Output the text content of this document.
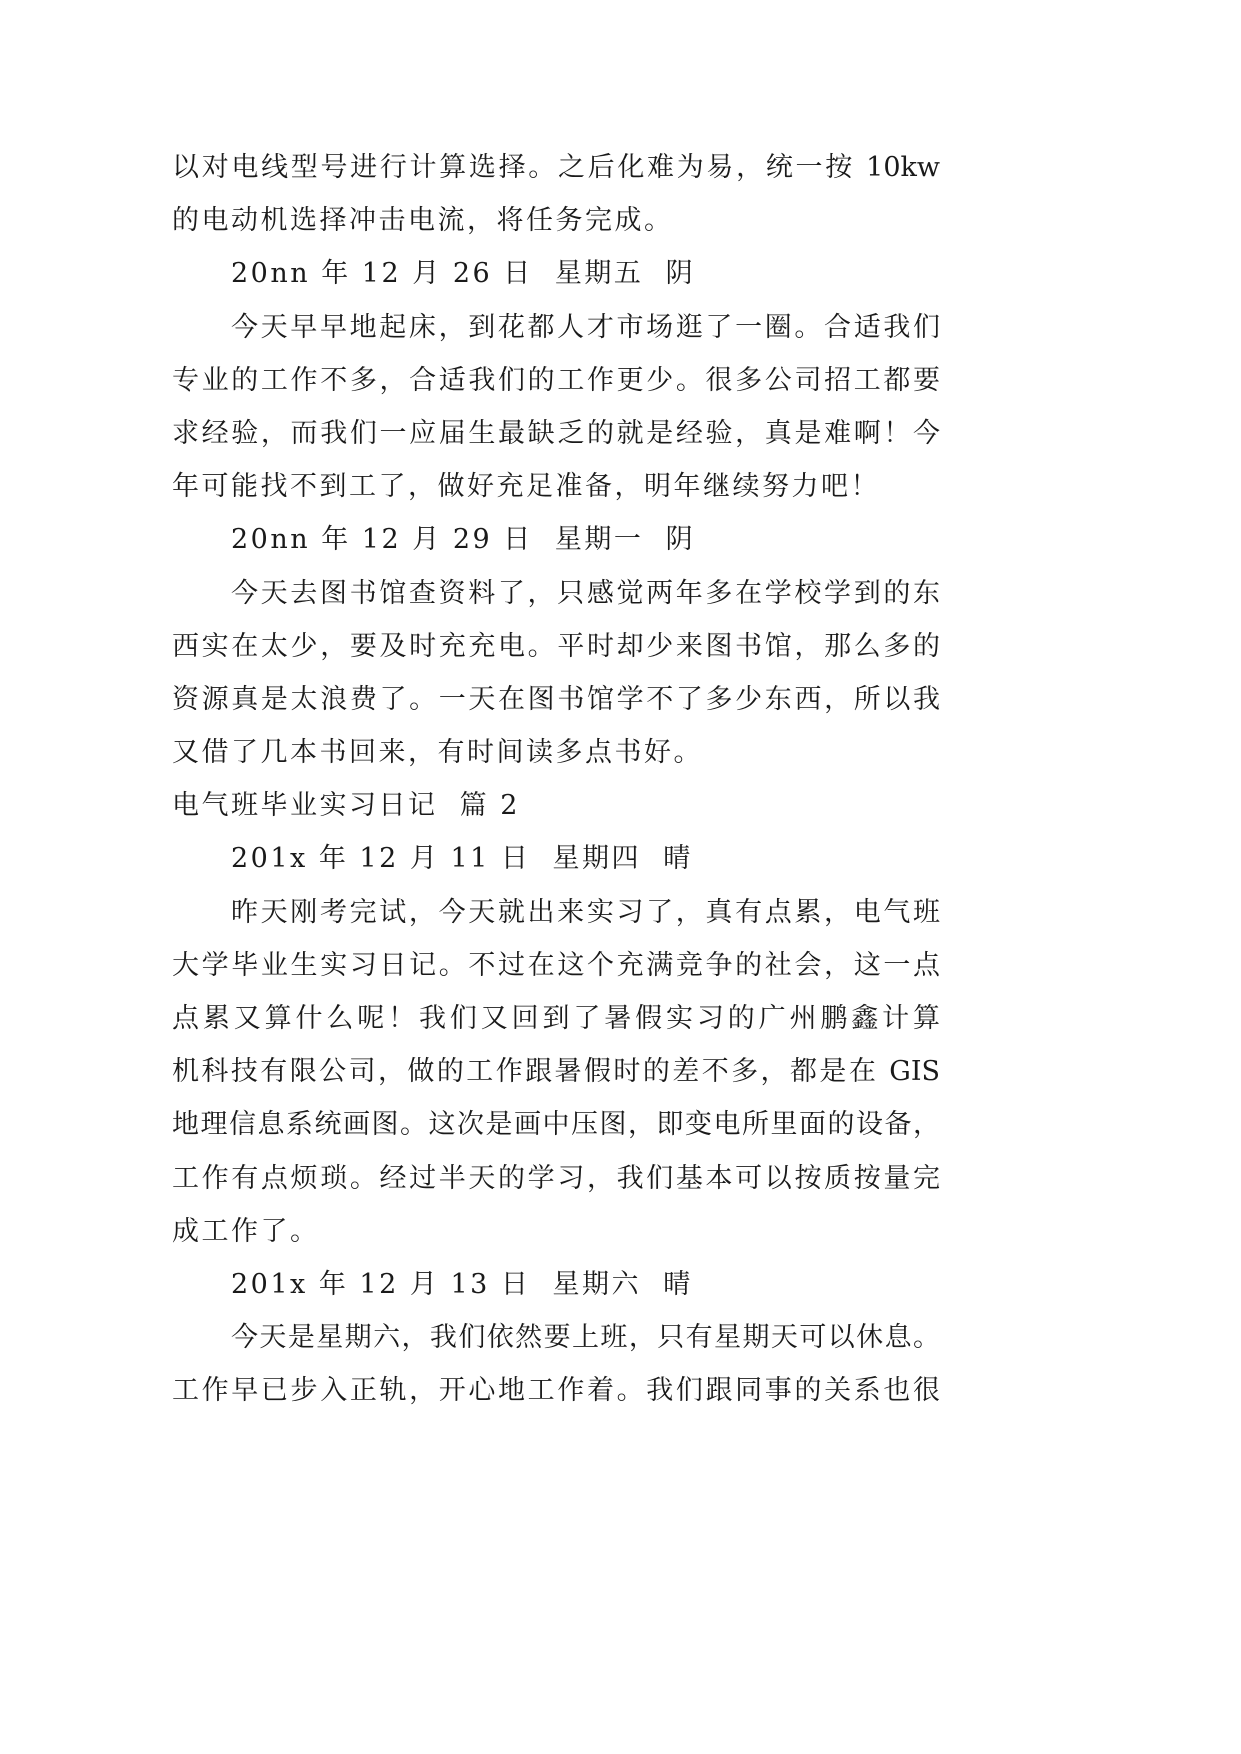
以对电线型号进行计算选择。之后化难为易，统一按 10kw
的电动机选择冲击电流，将任务完成。
20nn 年 12 月 26 日  星期五  阴
今天早早地起床，到花都人才市场逛了一圈。合适我们
专业的工作不多，合适我们的工作更少。很多公司招工都要
求经验，而我们一应届生最缺乏的就是经验，真是难啊！今
年可能找不到工了，做好充足准备，明年继续努力吧！
20nn 年 12 月 29 日  星期一  阴
今天去图书馆查资料了，只感觉两年多在学校学到的东
西实在太少，要及时充充电。平时却少来图书馆，那么多的
资源真是太浪费了。一天在图书馆学不了多少东西，所以我
又借了几本书回来，有时间读多点书好。
电气班毕业实习日记  篇 2
201x 年 12 月 11 日  星期四  晴
昨天刚考完试，今天就出来实习了，真有点累，电气班
大学毕业生实习日记。不过在这个充满竞争的社会，这一点
点累又算什么呢！我们又回到了暑假实习的广州鹏鑫计算
机科技有限公司，做的工作跟暑假时的差不多，都是在 GIS
地理信息系统画图。这次是画中压图，即变电所里面的设备，
工作有点烦琐。经过半天的学习，我们基本可以按质按量完
成工作了。
201x 年 12 月 13 日  星期六  晴
今天是星期六，我们依然要上班，只有星期天可以休息。
工作早已步入正轨，开心地工作着。我们跟同事的关系也很
